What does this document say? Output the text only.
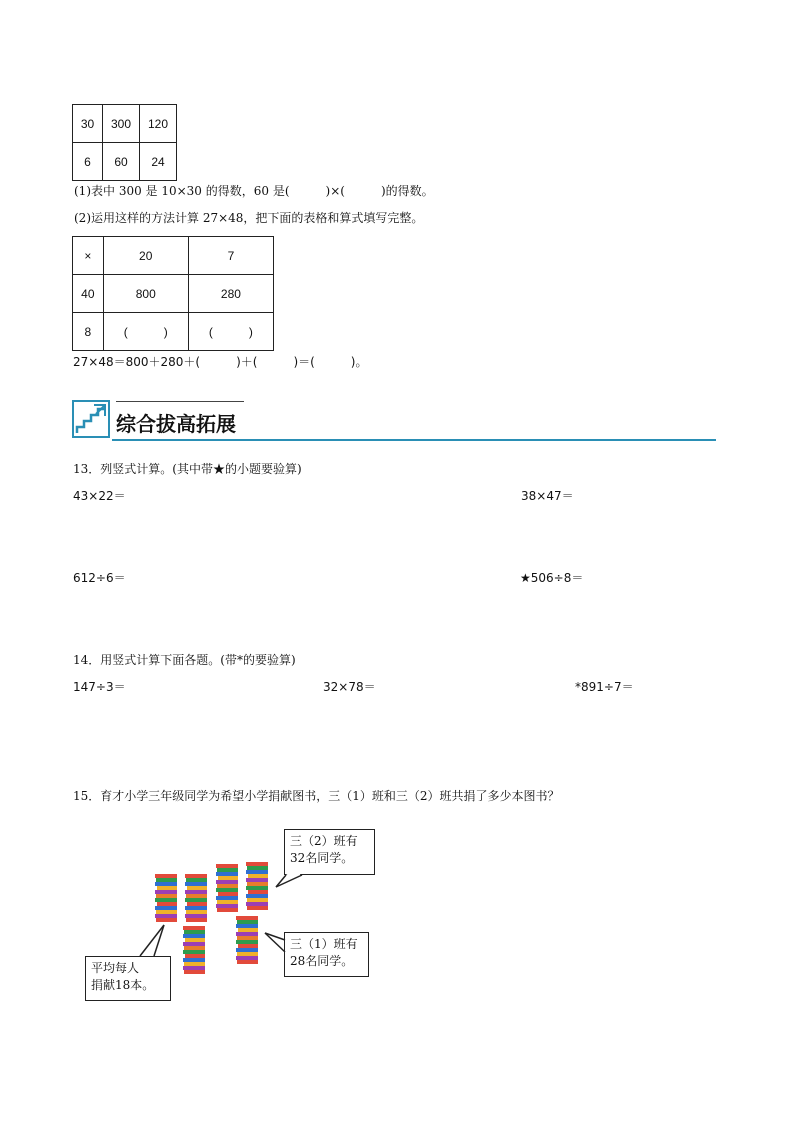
30	300	120
6	60	24
(1)表中 300 是 10×30 的得数，60 是(　　　)×(　　　)的得数。
(2)运用这样的方法计算 27×48，把下面的表格和算式填写完整。
×	20	7
40	800	280
8	(　　　)	(　　　)
27×48＝800＋280＋(　　　)＋(　　　)＝(　　　)。
综合拔高拓展
13．列竖式计算。(其中带★的小题要验算)
43×22＝	38×47＝
612÷6＝	★506÷8＝
14．用竖式计算下面各题。(带*的要验算)
147÷3＝	32×78＝	*891÷7＝
15．育才小学三年级同学为希望小学捐献图书，三（1）班和三（2）班共捐了多少本图书？
三（2）班有
32名同学。
三（1）班有
28名同学。
平均每人
捐献18本。
